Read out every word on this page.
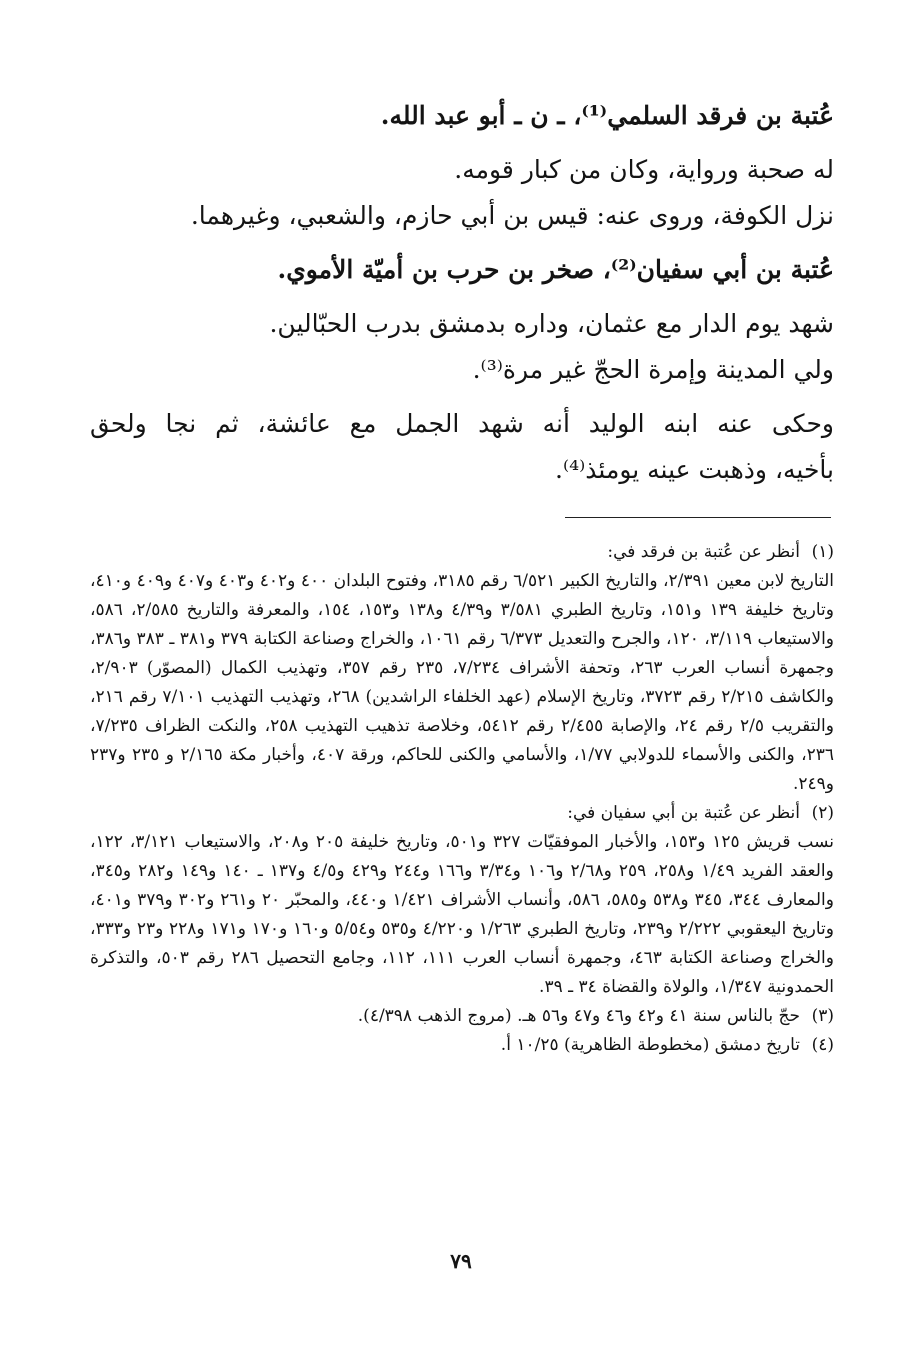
عُتبة بن فرقد السلمي⁽¹⁾، ـ ن ـ أبو عبد الله.
له صحبة ورواية، وكان من كبار قومه.
نزل الكوفة، وروى عنه: قيس بن أبي حازم، والشعبي، وغيرهما.
عُتبة بن أبي سفيان⁽²⁾، صخر بن حرب بن أميّة الأموي.
شهد يوم الدار مع عثمان، وداره بدمشق بدرب الحبّالين.
ولي المدينة وإمرة الحجّ غير مرة⁽³⁾.
وحكى عنه ابنه الوليد أنه شهد الجمل مع عائشة، ثم نجا ولحق
بأخيه، وذهبت عينه يومئذ⁽⁴⁾.
(١)أنظر عن عُتبة بن فرقد في:
التاريخ لابن معين ٢/٣٩١، والتاريخ الكبير ٦/٥٢١ رقم ٣١٨٥، وفتوح البلدان ٤٠٠ و٤٠٢ و٤٠٣ و٤٠٧ و٤٠٩ و٤١٠، وتاريخ خليفة ١٣٩ و١٥١، وتاريخ الطبري ٣/٥٨١ و٤/٣٩ و١٣٨ و١٥٣، ١٥٤، والمعرفة والتاريخ ٢/٥٨٥، ٥٨٦، والاستيعاب ٣/١١٩، ١٢٠، والجرح والتعديل ٦/٣٧٣ رقم ١٠٦١، والخراج وصناعة الكتابة ٣٧٩ و٣٨١ ـ ٣٨٣ و٣٨٦، وجمهرة أنساب العرب ٢٦٣، وتحفة الأشراف ٧/٢٣٤، ٢٣٥ رقم ٣٥٧، وتهذيب الكمال (المصوّر) ٢/٩٠٣، والكاشف ٢/٢١٥ رقم ٣٧٢٣، وتاريخ الإسلام (عهد الخلفاء الراشدين) ٢٦٨، وتهذيب التهذيب ٧/١٠١ رقم ٢١٦، والتقريب ٢/٥ رقم ٢٤، والإصابة ٢/٤٥٥ رقم ٥٤١٢، وخلاصة تذهيب التهذيب ٢٥٨، والنكت الظراف ٧/٢٣٥، ٢٣٦، والكنى والأسماء للدولابي ١/٧٧، والأسامي والكنى للحاكم، ورقة ٤٠٧، وأخبار مكة ٢/١٦٥ و ٢٣٥ و٢٣٧ و٢٤٩.
(٢)أنظر عن عُتبة بن أبي سفيان في:
نسب قريش ١٢٥ و١٥٣، والأخبار الموفقيّات ٣٢٧ و٥٠١، وتاريخ خليفة ٢٠٥ و٢٠٨، والاستيعاب ٣/١٢١، ١٢٢، والعقد الفريد ١/٤٩ و٢٥٨، ٢٥٩ و٢/٦٨ و١٠٦ و٣/٣٤ و١٦٦ و٢٤٤ و٤٢٩ و٤/٥ و١٣٧ ـ ١٤٠ و١٤٩ و٢٨٢ و٣٤٥، والمعارف ٣٤٤، ٣٤٥ و٥٣٨ و٥٨٥، ٥٨٦، وأنساب الأشراف ١/٤٢١ و٤٤٠، والمحبّر ٢٠ و٢٦١ و٣٠٢ و٣٧٩ و٤٠١، وتاريخ اليعقوبي ٢/٢٢٢ و٢٣٩، وتاريخ الطبري ١/٢٦٣ و٤/٢٢٠ و٥٣٥ و٥/٥٤ و١٦٠ و١٧٠ و١٧١ و٢٢٨ و٢٣ و٣٣٣، والخراج وصناعة الكتابة ٤٦٣، وجمهرة أنساب العرب ١١١، ١١٢، وجامع التحصيل ٢٨٦ رقم ٥٠٣، والتذكرة الحمدونية ١/٣٤٧، والولاة والقضاة ٣٤ ـ ٣٩.
(٣)حجّ بالناس سنة ٤١ و٤٢ و٤٦ و٤٧ و٥٦ هـ. (مروج الذهب ٤/٣٩٨).
(٤)تاريخ دمشق (مخطوطة الظاهرية) ١٠/٢٥ أ.
٧٩
